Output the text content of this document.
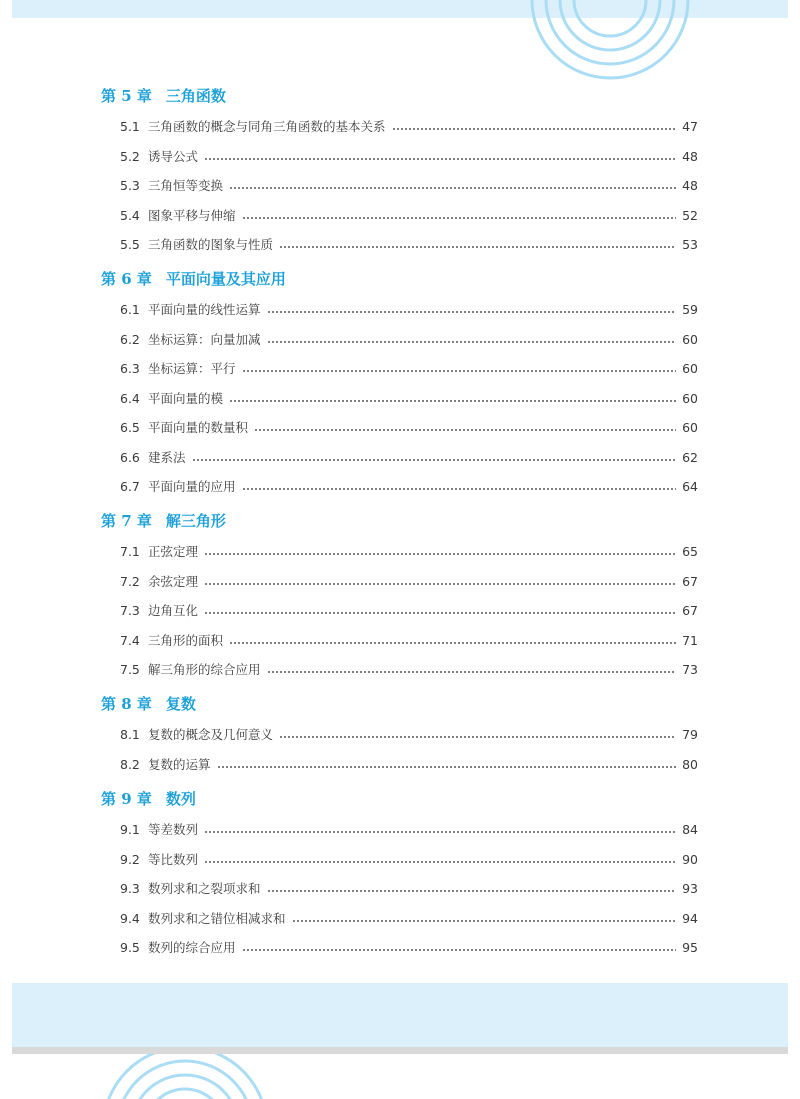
第 5 章 三角函数
5.1 三角函数的概念与同角三角函数的基本关系	47
5.2 诱导公式	48
5.3 三角恒等变换	48
5.4 图象平移与伸缩	52
5.5 三角函数的图象与性质	53
第 6 章 平面向量及其应用
6.1 平面向量的线性运算	59
6.2 坐标运算：向量加减	60
6.3 坐标运算：平行	60
6.4 平面向量的模	60
6.5 平面向量的数量积	60
6.6 建系法	62
6.7 平面向量的应用	64
第 7 章 解三角形
7.1 正弦定理	65
7.2 余弦定理	67
7.3 边角互化	67
7.4 三角形的面积	71
7.5 解三角形的综合应用	73
第 8 章 复数
8.1 复数的概念及几何意义	79
8.2 复数的运算	80
第 9 章 数列
9.1 等差数列	84
9.2 等比数列	90
9.3 数列求和之裂项求和	93
9.4 数列求和之错位相减求和	94
9.5 数列的综合应用	95
